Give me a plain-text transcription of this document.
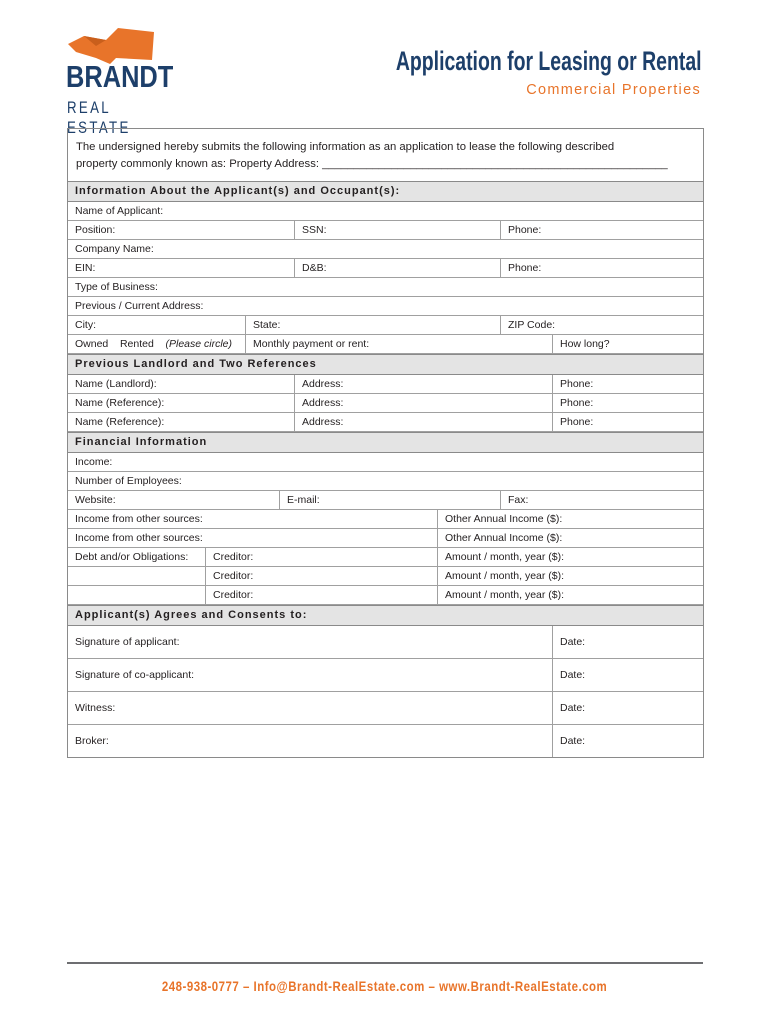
BRANDT
REAL ESTATE
Application for Leasing or Rental
Commercial Properties
The undersigned hereby submits the following information as an application to lease the following described
property commonly known as: Property Address: _______________________________________________________
Information About the Applicant(s) and Occupant(s):
Name of Applicant:
Position:	SSN:	Phone:
Company Name:
EIN:	D&B:	Phone:
Type of Business:
Previous / Current Address:
City:	State:	ZIP Code:
Owned Rented (Please circle)	Monthly payment or rent:	How long?
Previous Landlord and Two References
Name (Landlord):	Address:	Phone:
Name (Reference):	Address:	Phone:
Name (Reference):	Address:	Phone:
Financial Information
Income:
Number of Employees:
Website:	E-mail:	Fax:
Income from other sources:	Other Annual Income ($):
Income from other sources:	Other Annual Income ($):
Debt and/or Obligations:	Creditor:	Amount / month, year ($):
Creditor:	Amount / month, year ($):
Creditor:	Amount / month, year ($):
Applicant(s) Agrees and Consents to:
Signature of applicant:	Date:
Signature of co-applicant:	Date:
Witness:	Date:
Broker:	Date:
248-938-0777 – Info@Brandt-RealEstate.com – www.Brandt-RealEstate.com
